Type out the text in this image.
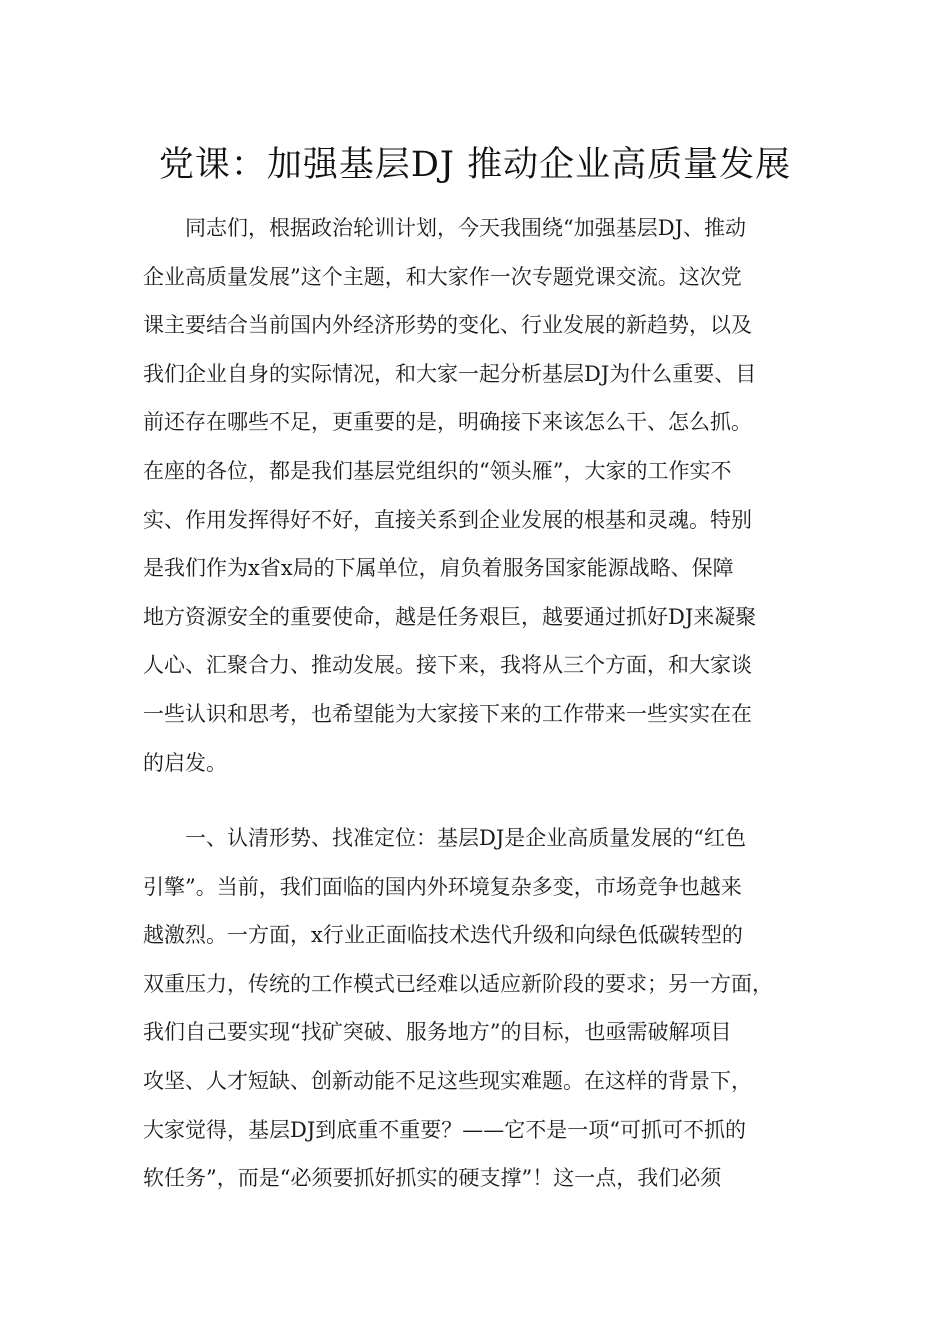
党课：加强基层DJ 推动企业高质量发展
同志们，根据政治轮训计划，今天我围绕“加强基层DJ、推动
企业高质量发展”这个主题，和大家作一次专题党课交流。这次党
课主要结合当前国内外经济形势的变化、行业发展的新趋势，以及
我们企业自身的实际情况，和大家一起分析基层DJ为什么重要、目
前还存在哪些不足，更重要的是，明确接下来该怎么干、怎么抓。
在座的各位，都是我们基层党组织的“领头雁”，大家的工作实不
实、作用发挥得好不好，直接关系到企业发展的根基和灵魂。特别
是我们作为x省x局的下属单位，肩负着服务国家能源战略、保障
地方资源安全的重要使命，越是任务艰巨，越要通过抓好DJ来凝聚
人心、汇聚合力、推动发展。接下来，我将从三个方面，和大家谈
一些认识和思考，也希望能为大家接下来的工作带来一些实实在在
的启发。
一、认清形势、找准定位：基层DJ是企业高质量发展的“红色
引擎”。当前，我们面临的国内外环境复杂多变，市场竞争也越来
越激烈。一方面，x行业正面临技术迭代升级和向绿色低碳转型的
双重压力，传统的工作模式已经难以适应新阶段的要求；另一方面，
我们自己要实现“找矿突破、服务地方”的目标，也亟需破解项目
攻坚、人才短缺、创新动能不足这些现实难题。在这样的背景下，
大家觉得，基层DJ到底重不重要？——它不是一项“可抓可不抓的
软任务”，而是“必须要抓好抓实的硬支撑”！这一点，我们必须
